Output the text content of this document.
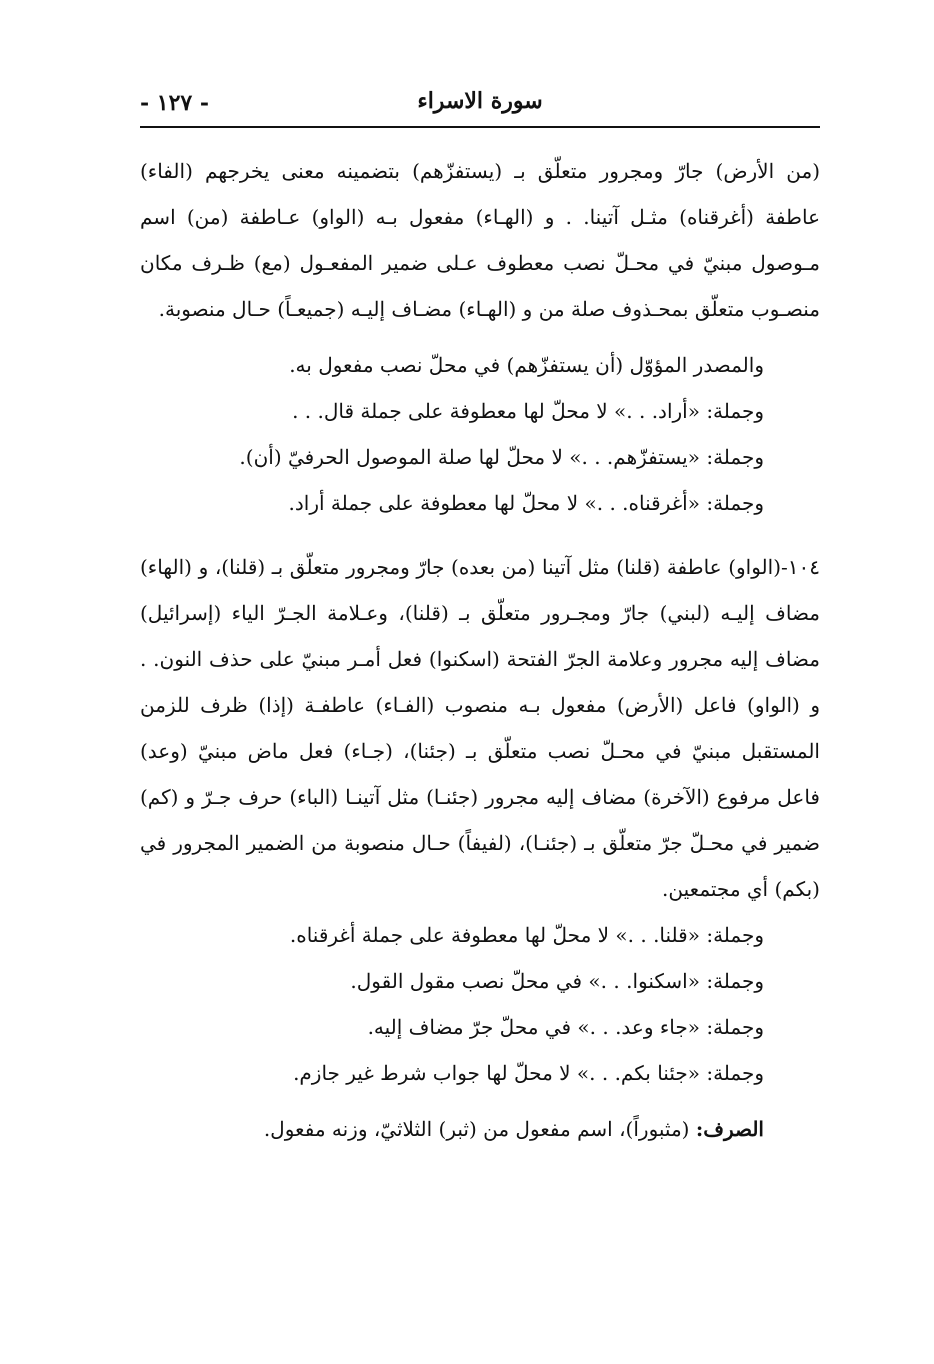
- ١٢٧ -	سورة الاسراء

(من الأرض) جارّ ومجرور متعلّق بـ (يستفزّهم) بتضمينه معنى يخرجهم (الفاء) عاطفة (أغرقناه) مثـل آتينا. . و (الهـاء) مفعول بـه (الواو) عـاطفة (من) اسم مـوصول مبنيّ في محـلّ نصب معطوف عـلى ضمير المفعـول (مع) ظـرف مكان منصـوب متعلّق بمحـذوف صلة من و (الهـاء) مضـاف إليـه (جميعـاً) حـال منصوبة.

والمصدر المؤوّل (أن يستفزّهم) في محلّ نصب مفعول به.

وجملة: «أراد. . .» لا محلّ لها معطوفة على جملة قال. . .

وجملة: «يستفزّهم. . .» لا محلّ لها صلة الموصول الحرفيّ (أن).

وجملة: «أغرقناه. . .» لا محلّ لها معطوفة على جملة أراد.

١٠٤-(الواو) عاطفة (قلنا) مثل آتينا (من بعده) جارّ ومجرور متعلّق بـ (قلنا)، و (الهاء) مضاف إليـه (لبني) جارّ ومجـرور متعلّق بـ (قلنا)، وعـلامة الجـرّ الياء (إسرائيل) مضاف إليه مجرور وعلامة الجرّ الفتحة (اسكنوا) فعل أمـر مبنيّ على حذف النون. . و (الواو) فاعل (الأرض) مفعول بـه منصوب (الفـاء) عاطفـة (إذا) ظرف للزمن المستقبل مبنيّ في محـلّ نصب متعلّق بـ (جئنا)، (جـاء) فعل ماض مبنيّ (وعد) فاعل مرفوع (الآخرة) مضاف إليه مجرور (جئنـا) مثل آتينـا (الباء) حرف جـرّ و (كم) ضمير في محـلّ جرّ متعلّق بـ (جئنـا)، (لفيفاً) حـال منصوبة من الضمير المجرور في (بكم) أي مجتمعين.

وجملة: «قلنا. . .» لا محلّ لها معطوفة على جملة أغرقناه.

وجملة: «اسكنوا. . .» في محلّ نصب مقول القول.

وجملة: «جاء وعد. . .» في محلّ جرّ مضاف إليه.

وجملة: «جئنا بكم. . .» لا محلّ لها جواب شرط غير جازم.

الصرف: (مثبوراً)، اسم مفعول من (ثبر) الثلاثيّ، وزنه مفعول.
